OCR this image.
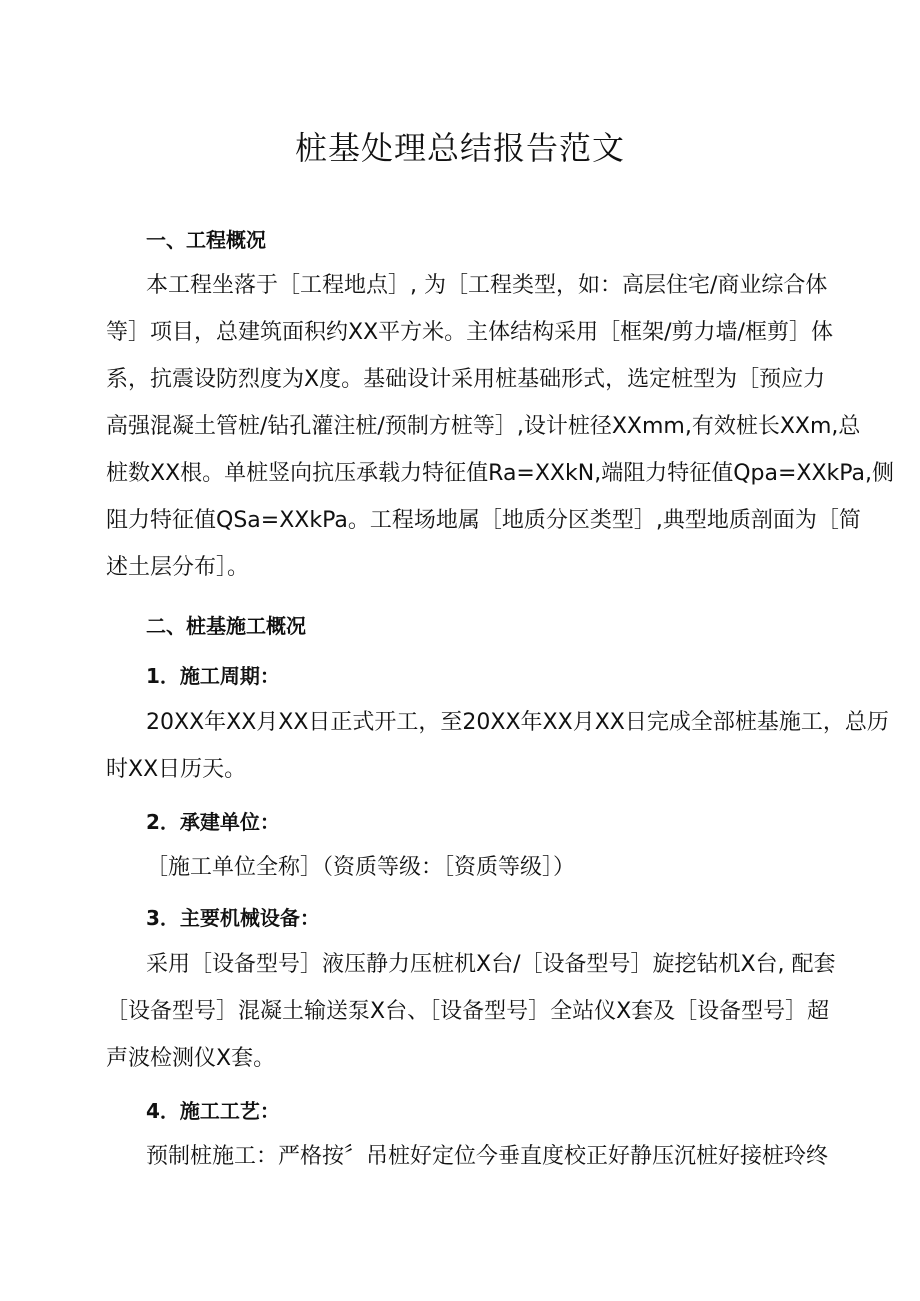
桩基处理总结报告范文

一、工程概况

本工程坐落于［工程地点］, 为［工程类型，如：高层住宅/商业综合体

等］项目，总建筑面积约XX平方米。主体结构采用［框架/剪力墙/框剪］体

系，抗震设防烈度为X度。基础设计采用桩基础形式，选定桩型为［预应力

高强混凝土管桩/钻孔灌注桩/预制方桩等］,设计桩径XXmm,有效桩长XXm,总

桩数XX根。单桩竖向抗压承载力特征值Ra=XXkN,端阻力特征值Qpa=XXkPa,侧

阻力特征值QSa=XXkPa。工程场地属［地质分区类型］,典型地质剖面为［简

述土层分布］。

二、桩基施工概况

1．施工周期：

20XX年XX月XX日正式开工，至20XX年XX月XX日完成全部桩基施工，总历

时XX日历天。

2．承建单位：

［施工单位全称］（资质等级：［资质等级］）

3．主要机械设备：

采用［设备型号］液压静力压桩机X台/［设备型号］旋挖钻机X台, 配套

［设备型号］混凝土输送泵X台、［设备型号］全站仪X套及［设备型号］超

声波检测仪X套。

4．施工工艺：

预制桩施工：严格按〞吊桩好定位今垂直度校正好静压沉桩好接桩玲终
